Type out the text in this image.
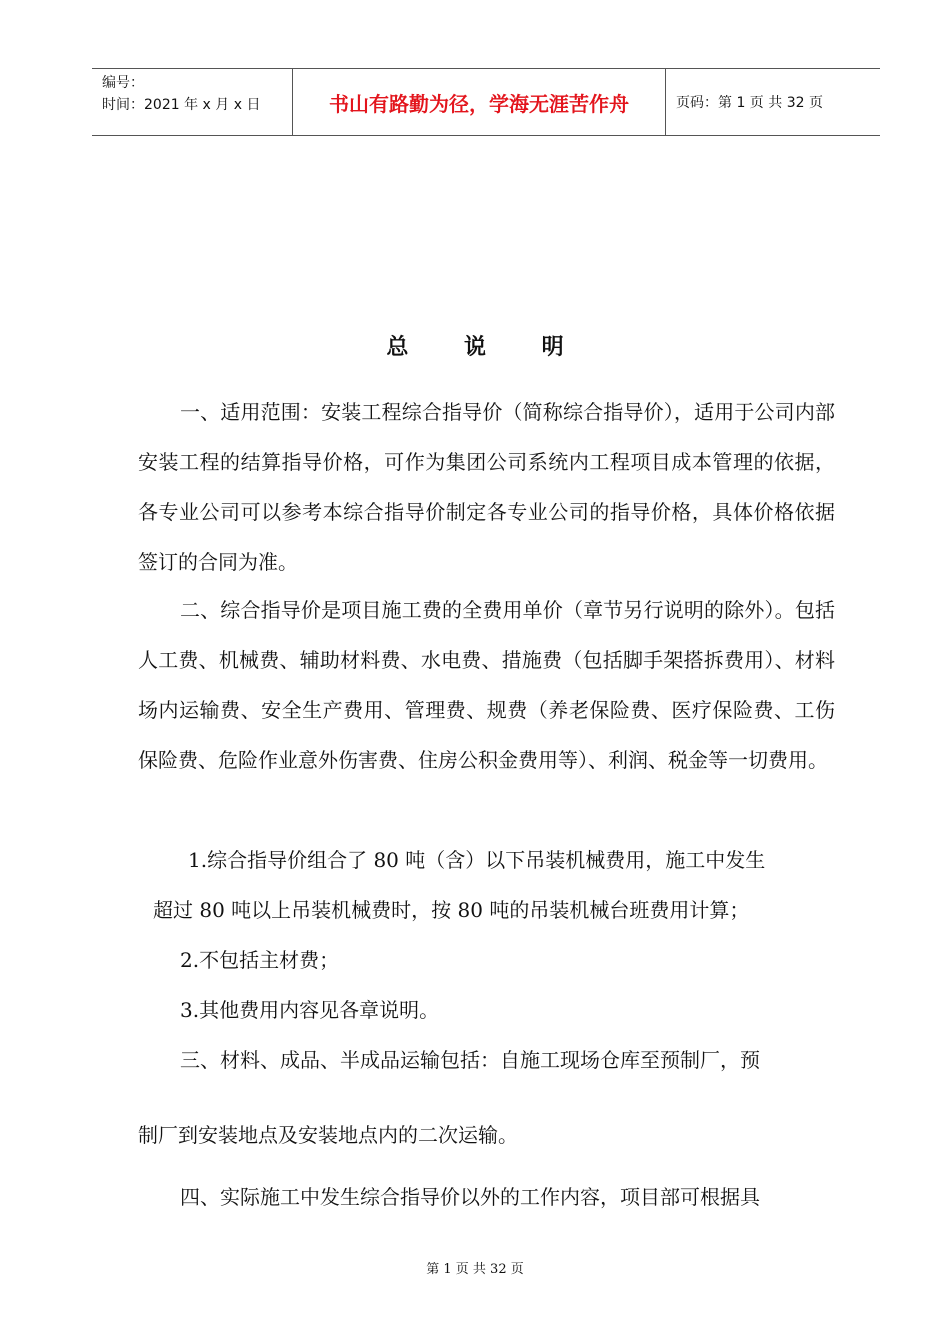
编号：
时间：2021 年 x 月 x 日	书山有路勤为径，学海无涯苦作舟	页码：第 1 页 共 32 页
总 说 明

一、适用范围：安装工程综合指导价（简称综合指导价），适用于公司内部安装工程的结算指导价格，可作为集团公司系统内工程项目成本管理的依据，各专业公司可以参考本综合指导价制定各专业公司的指导价格，具体价格依据签订的合同为准。

二、综合指导价是项目施工费的全费用单价（章节另行说明的除外）。包括人工费、机械费、辅助材料费、水电费、措施费（包括脚手架搭拆费用）、材料场内运输费、安全生产费用、管理费、规费（养老保险费、医疗保险费、工伤保险费、危险作业意外伤害费、住房公积金费用等）、利润、税金等一切费用。

1.综合指导价组合了 80 吨（含）以下吊装机械费用，施工中发生

超过 80 吨以上吊装机械费时，按 80 吨的吊装机械台班费用计算；

2.不包括主材费；

3.其他费用内容见各章说明。

三、材料、成品、半成品运输包括：自施工现场仓库至预制厂，预

制厂到安装地点及安装地点内的二次运输。

四、实际施工中发生综合指导价以外的工作内容，项目部可根据具

第 1 页 共 32 页
